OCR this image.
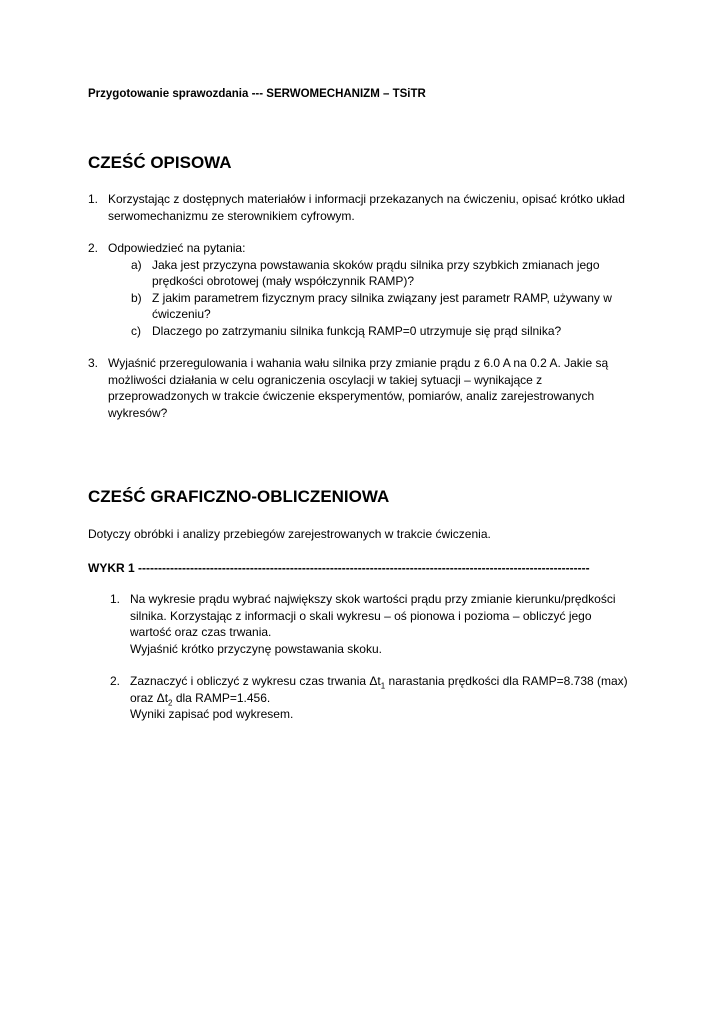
Przygotowanie sprawozdania --- SERWOMECHANIZM – TSiTR
CZEŚĆ OPISOWA
1. Korzystając z dostępnych materiałów i informacji przekazanych na ćwiczeniu, opisać krótko układ
serwomechanizmu ze sterownikiem cyfrowym.
2. Odpowiedzieć na pytania:
a) Jaka jest przyczyna powstawania skoków prądu silnika przy szybkich zmianach jego
prędkości obrotowej (mały współczynnik RAMP)?
b) Z jakim parametrem fizycznym pracy silnika związany jest parametr RAMP, używany w
ćwiczeniu?
c) Dlaczego po zatrzymaniu silnika funkcją RAMP=0 utrzymuje się prąd silnika?
3. Wyjaśnić przeregulowania i wahania wału silnika przy zmianie prądu z 6.0 A na 0.2 A. Jakie są
możliwości działania w celu ograniczenia oscylacji w takiej sytuacji – wynikające z
przeprowadzonych w trakcie ćwiczenie eksperymentów, pomiarów, analiz zarejestrowanych
wykresów?
CZEŚĆ GRAFICZNO-OBLICZENIOWA
Dotyczy obróbki i analizy przebiegów zarejestrowanych w trakcie ćwiczenia.
WYKR 1 -----------------------------------------------------------------------------------------------------------------
1. Na wykresie prądu wybrać największy skok wartości prądu przy zmianie kierunku/prędkości
silnika. Korzystając z informacji o skali wykresu – oś pionowa i pozioma – obliczyć jego
wartość oraz czas trwania.
Wyjaśnić krótko przyczynę powstawania skoku.
2. Zaznaczyć i obliczyć z wykresu czas trwania $\Delta t_1$ narastania prędkości dla RAMP=8.738 (max)
oraz $\Delta t_2$ dla RAMP=1.456.
Wyniki zapisać pod wykresem.
